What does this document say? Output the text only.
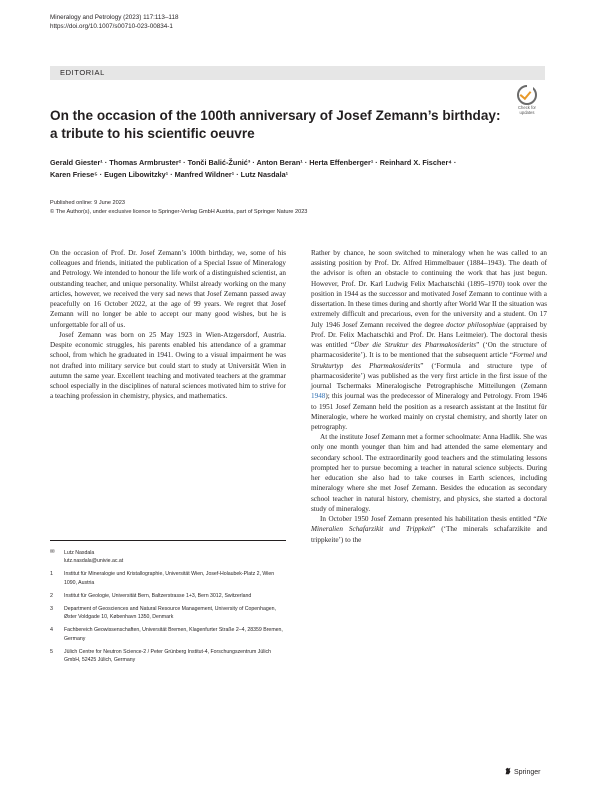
Mineralogy and Petrology (2023) 117:113–118
https://doi.org/10.1007/s00710-023-00834-1
EDITORIAL
Check for
updates
On the occasion of the 100th anniversary of Josef Zemann’s birthday: a tribute to his scientific oeuvre
Gerald Giester¹ · Thomas Armbruster² · Tonči Balić-Žunić³ · Anton Beran¹ · Herta Effenberger¹ · Reinhard X. Fischer⁴ ·
Karen Friese⁵ · Eugen Libowitzky¹ · Manfred Wildner¹ · Lutz Nasdala¹
Published online: 9 June 2023
© The Author(s), under exclusive licence to Springer-Verlag GmbH Austria, part of Springer Nature 2023

On the occasion of Prof. Dr. Josef Zemann’s 100th birthday, we, some of his colleagues and friends, initiated the publication of a Special Issue of Mineralogy and Petrology. We intended to honour the life work of a distinguished scientist, an outstanding teacher, and unique personality. Whilst already working on the many articles, however, we received the very sad news that Josef Zemann passed away peacefully on 16 October 2022, at the age of 99 years. We regret that Josef Zemann will no longer be able to accept our many good wishes, but he is unforgettable for all of us.

Josef Zemann was born on 25 May 1923 in Wien-Atzgersdorf, Austria. Despite economic struggles, his parents enabled his attendance of a grammar school, from which he graduated in 1941. Owing to a visual impairment he was not drafted into military service but could start to study at Universität Wien in autumn the same year. Excellent teaching and motivated teachers at the grammar school especially in the disciplines of natural sciences motivated him to strive for a teaching profession in chemistry, physics, and mathematics.

Rather by chance, he soon switched to mineralogy when he was called to an assisting position by Prof. Dr. Alfred Himmelbauer (1884–1943). The death of the advisor is often an obstacle to continuing the work that has just begun. However, Prof. Dr. Karl Ludwig Felix Machatschki (1895–1970) took over the position in 1944 as the successor and motivated Josef Zemann to continue with a dissertation. In these times during and shortly after World War II the situation was extremely difficult and precarious, even for the university and a student. On 17 July 1946 Josef Zemann received the degree doctor philosophiae (appraised by Prof. Dr. Felix Machatschki and Prof. Dr. Hans Leitmeier). The doctoral thesis was entitled “Über die Struktur des Pharmakosiderits” (‘On the structure of pharmacosiderite’). It is to be mentioned that the subsequent article “Formel und Strukturtyp des Pharmakosiderits” (‘Formula and structure type of pharmacosiderite’) was published as the very first article in the first issue of the journal Tschermaks Mineralogische Petrographische Mitteilungen (Zemann 1948); this journal was the predecessor of Mineralogy and Petrology. From 1946 to 1951 Josef Zemann held the position as a research assistant at the Institut für Mineralogie, where he worked mainly on crystal chemistry, and shortly later on petrography.

At the institute Josef Zemann met a former schoolmate: Anna Hadlik. She was only one month younger than him and had attended the same elementary and secondary school. The extraordinarily good teachers and the stimulating lessons prompted her to pursue becoming a teacher in natural science subjects. During her education she also had to take courses in Earth sciences, including mineralogy where she met Josef Zemann. Besides the education as secondary school teacher in natural history, chemistry, and physics, she started a doctoral study of mineralogy.

In October 1950 Josef Zemann presented his habilitation thesis entitled “Die Mineralien Schafarzikit und Trippkeit” (‘The minerals schafarzikite and trippkeite’) to the

✉ Lutz Nasdala
lutz.nasdala@univie.ac.at
1 Institut für Mineralogie und Kristallographie, Universität Wien, Josef-Holaubek-Platz 2, Wien 1090, Austria
2 Institut für Geologie, Universität Bern, Baltzerstrasse 1+3, Bern 3012, Switzerland
3 Department of Geosciences and Natural Resource Management, University of Copenhagen, Øster Voldgade 10, København 1350, Denmark
4 Fachbereich Geowissenschaften, Universität Bremen, Klagenfurter Straße 2–4, 28359 Bremen, Germany
5 Jülich Centre for Neutron Science-2 / Peter Grünberg Institut-4, Forschungszentrum Jülich GmbH, 52425 Jülich, Germany
Springer
